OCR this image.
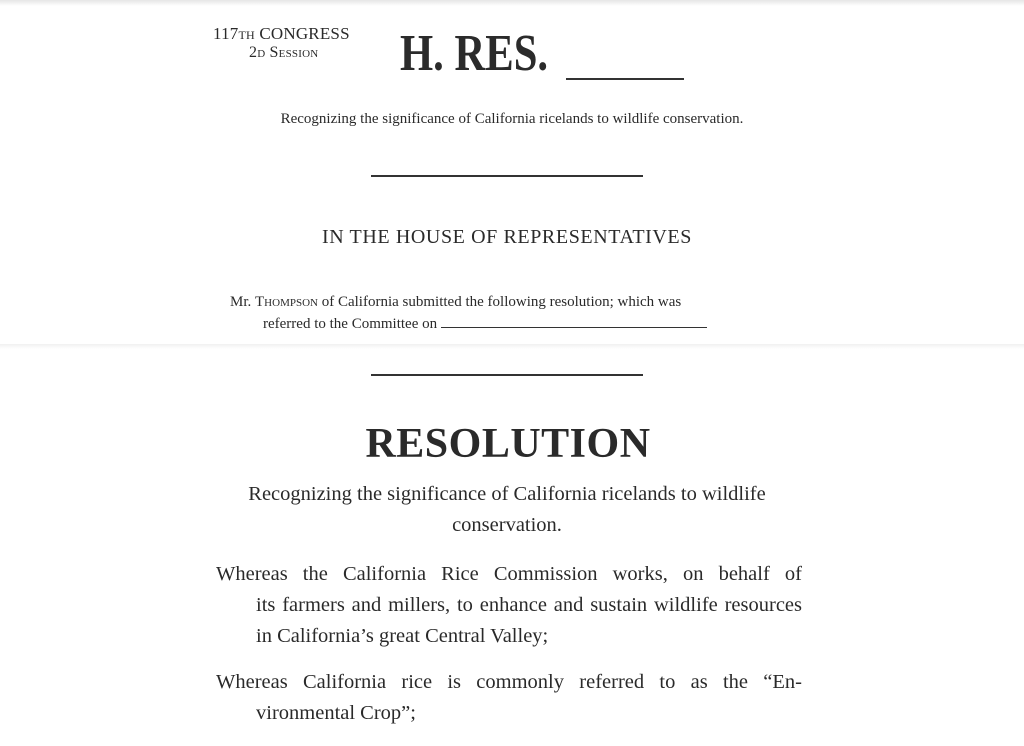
117th CONGRESS
2d Session	H. RES.
Recognizing the significance of California ricelands to wildlife conservation.
IN THE HOUSE OF REPRESENTATIVES
Mr. Thompson of California submitted the following resolution; which was
referred to the Committee on
RESOLUTION
Recognizing the significance of California ricelands to wildlife conservation.
Whereas the California Rice Commission works, on behalf of
its farmers and millers, to enhance and sustain wildlife resources in California’s great Central Valley;
Whereas California rice is commonly referred to as the “En-
vironmental Crop”;
